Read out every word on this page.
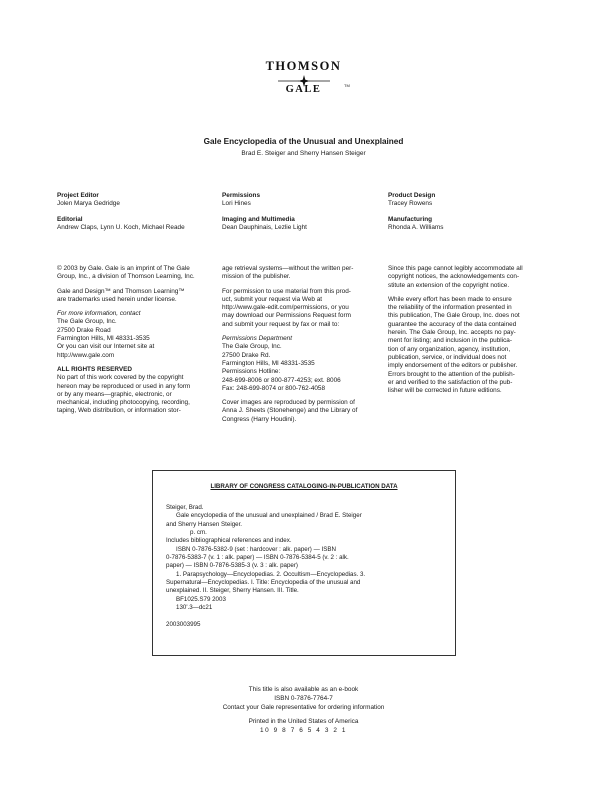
THOMSON
GALE	TM
Gale Encyclopedia of the Unusual and Unexplained
Brad E. Steiger and Sherry Hansen Steiger
Project Editor
Jolen Marya Gedridge
Editorial
Andrew Claps, Lynn U. Koch, Michael Reade
Permissions
Lori Hines
Imaging and Multimedia
Dean Dauphinais, Lezlie Light
Product Design
Tracey Rowens
Manufacturing
Rhonda A. Williams
© 2003 by Gale. Gale is an imprint of The Gale
Group, Inc., a division of Thomson Learning, Inc.
Gale and Design™ and Thomson Learning™
are trademarks used herein under license.
For more information, contact
The Gale Group, Inc.
27500 Drake Road
Farmington Hills, MI 48331-3535
Or you can visit our Internet site at
http://www.gale.com
ALL RIGHTS RESERVED
No part of this work covered by the copyright
hereon may be reproduced or used in any form
or by any means—graphic, electronic, or
mechanical, including photocopying, recording,
taping, Web distribution, or information stor-
age retrieval systems—without the written per-
mission of the publisher.
For permission to use material from this prod-
uct, submit your request via Web at
http://www.gale-edit.com/permissions, or you
may download our Permissions Request form
and submit your request by fax or mail to:
Permissions Department
The Gale Group, Inc.
27500 Drake Rd.
Farmington Hills, MI 48331-3535
Permissions Hotline:
248-699-8006 or 800-877-4253; ext. 8006
Fax: 248-699-8074 or 800-762-4058
Cover images are reproduced by permission of
Anna J. Sheets (Stonehenge) and the Library of
Congress (Harry Houdini).
Since this page cannot legibly accommodate all
copyright notices, the acknowledgements con-
stitute an extension of the copyright notice.
While every effort has been made to ensure
the reliability of the information presented in
this publication, The Gale Group, Inc. does not
guarantee the accuracy of the data contained
herein. The Gale Group, Inc. accepts no pay-
ment for listing; and inclusion in the publica-
tion of any organization, agency, institution,
publication, service, or individual does not
imply endorsement of the editors or publisher.
Errors brought to the attention of the publish-
er and verified to the satisfaction of the pub-
lisher will be corrected in future editions.
LIBRARY OF CONGRESS CATALOGING-IN-PUBLICATION DATA
Steiger, Brad.
Gale encyclopedia of the unusual and unexplained / Brad E. Steiger
and Sherry Hansen Steiger.
p. cm.
Includes bibliographical references and index.
ISBN 0-7876-5382-9 (set : hardcover : alk. paper) — ISBN
0-7876-5383-7 (v. 1 : alk. paper) — ISBN 0-7876-5384-5 (v. 2 : alk.
paper) — ISBN 0-7876-5385-3 (v. 3 : alk. paper)
1. Parapsychology—Encyclopedias. 2. Occultism—Encyclopedias. 3.
Supernatural—Encyclopedias. I. Title: Encyclopedia of the unusual and
unexplained. II. Steiger, Sherry Hansen. III. Title.
BF1025.S79 2003
130'.3—dc21
2003003995
This title is also available as an e-book
ISBN 0-7876-7764-7
Contact your Gale representative for ordering information
Printed in the United States of America
10 9 8 7 6 5 4 3 2 1
